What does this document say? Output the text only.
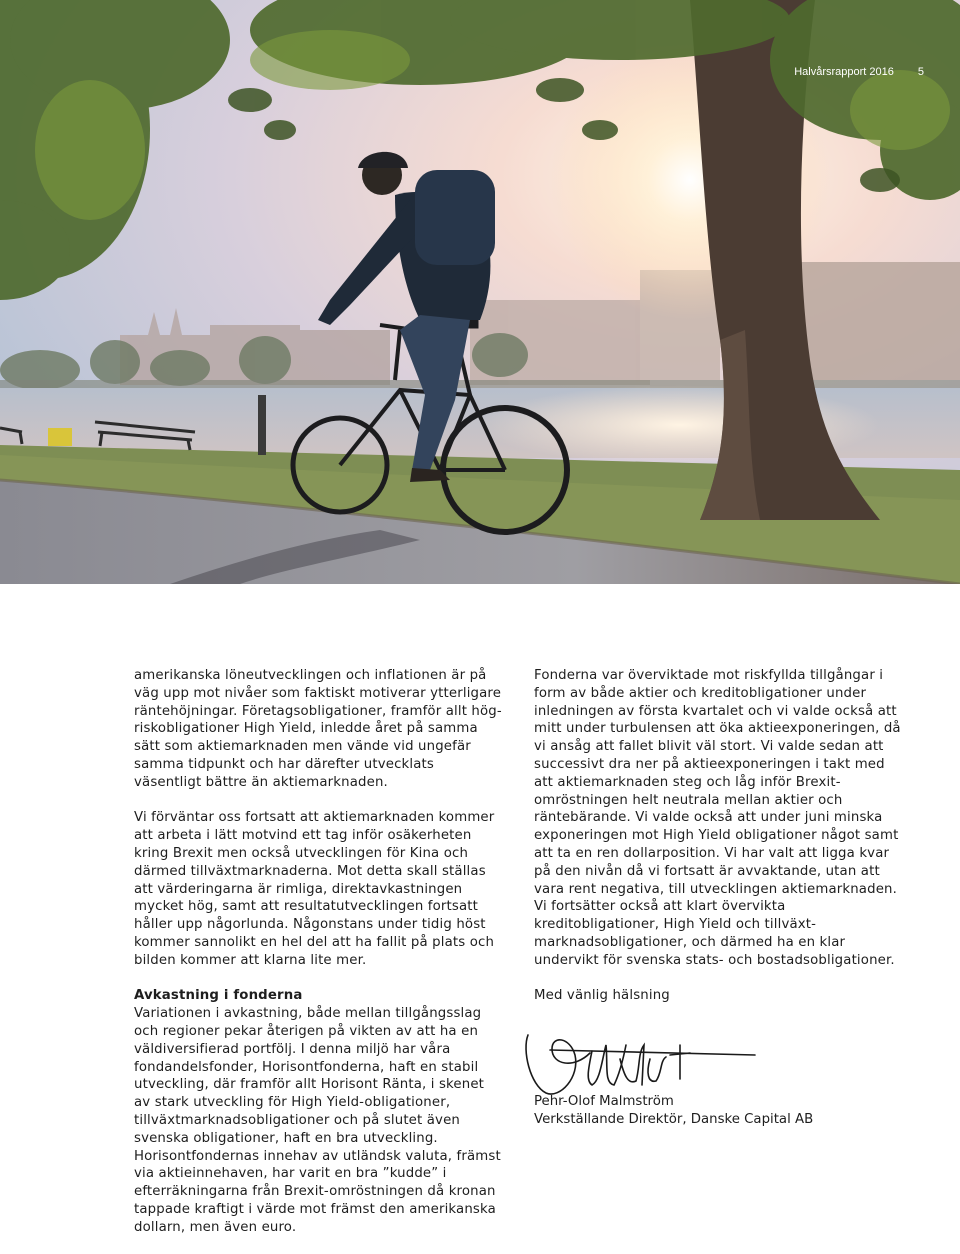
Halvårsrapport 2016 5

amerikanska löneutvecklingen och inflationen är på väg upp mot nivåer som faktiskt motiverar ytterligare räntehöjningar. Företagsobligationer, framför allt högriskobligationer High Yield, inledde året på samma sätt som aktiemarknaden men vände vid ungefär samma tidpunkt och har därefter utvecklats väsentligt bättre än aktiemarknaden.

Vi förväntar oss fortsatt att aktiemarknaden kommer att arbeta i lätt motvind ett tag inför osäkerheten kring Brexit men också utvecklingen för Kina och därmed tillväxtmarknaderna. Mot detta skall ställas att värderingarna är rimliga, direktavkastningen mycket hög, samt att resultatutvecklingen fortsatt håller upp någorlunda. Någonstans under tidig höst kommer sannolikt en hel del att ha fallit på plats och bilden kommer att klarna lite mer.

Avkastning i fonderna

Variationen i avkastning, både mellan tillgångsslag och regioner pekar återigen på vikten av att ha en väldiversifierad portfölj. I denna miljö har våra fondandelsfonder, Horisontfonderna, haft en stabil utveckling, där framför allt Horisont Ränta, i skenet av stark utveckling för High Yield-obligationer, tillväxtmarknadsobligationer och på slutet även svenska obligationer, haft en bra utveckling. Horisontfondernas innehav av utländsk valuta, främst via aktieinnehaven, har varit en bra ”kudde” i efterräkningarna från Brexit-omröstningen då kronan tappade kraftigt i värde mot främst den amerikanska dollarn, men även euro.

Fonderna var överviktade mot riskfyllda tillgångar i form av både aktier och kreditobligationer under inledningen av första kvartalet och vi valde också att mitt under turbulensen att öka aktieexponeringen, då vi ansåg att fallet blivit väl stort. Vi valde sedan att successivt dra ner på aktieexponeringen i takt med att aktiemarknaden steg och låg inför Brexit-omröstningen helt neutrala mellan aktier och räntebärande. Vi valde också att under juni minska exponeringen mot High Yield obligationer något samt att ta en ren dollarposition. Vi har valt att ligga kvar på den nivån då vi fortsatt är avvaktande, utan att vara rent negativa, till utvecklingen aktiemarknaden. Vi fortsätter också att klart övervikta kreditobligationer, High Yield och tillväxtmarknadsobligationer, och därmed ha en klar undervikt för svenska stats- och bostadsobligationer.

Med vänlig hälsning

Pehr-Olof Malmström
Verkställande Direktör, Danske Capital AB
